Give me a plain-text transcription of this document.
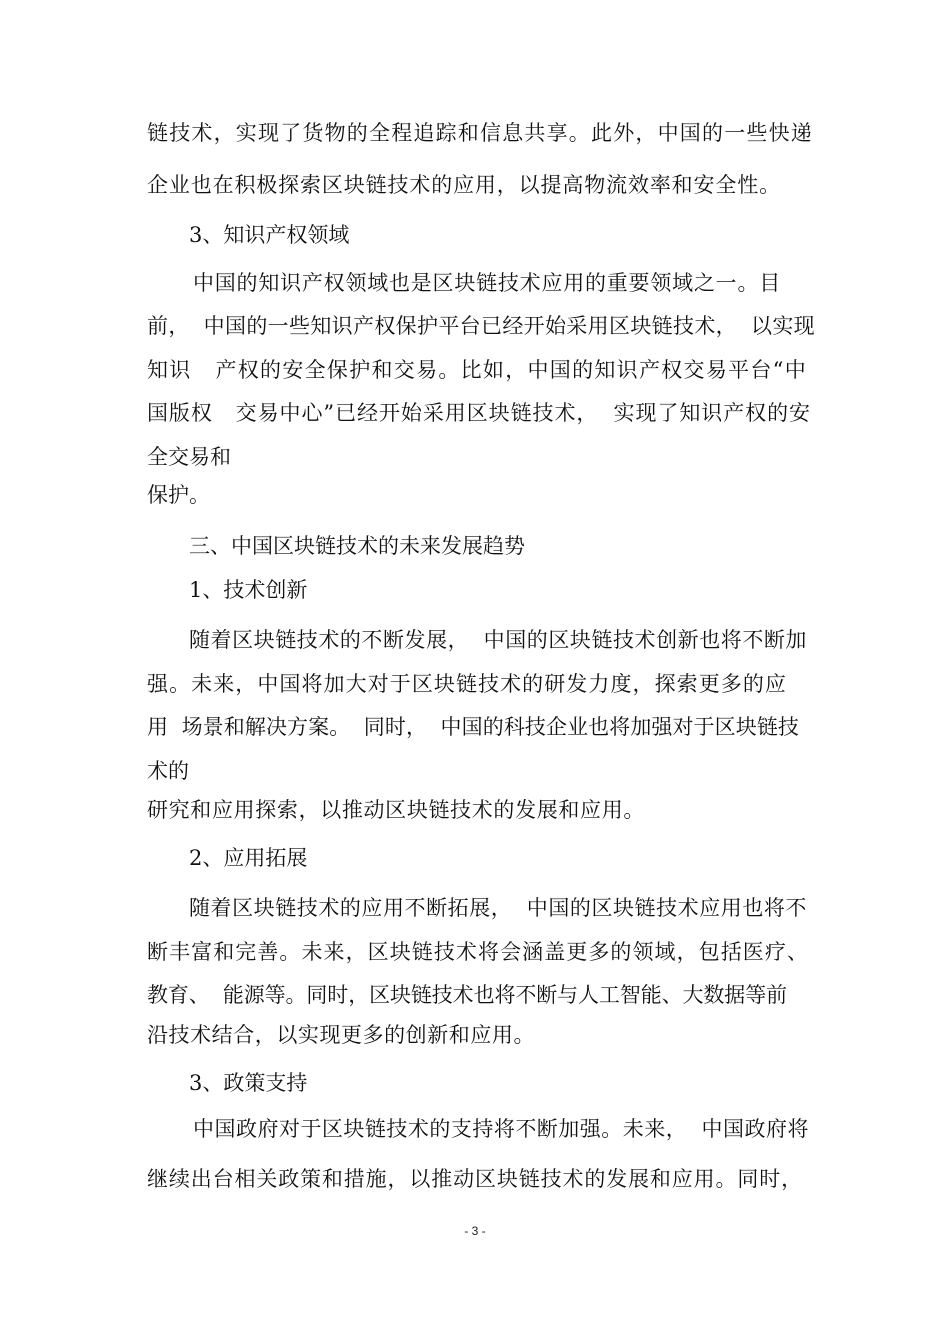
链技术，实现了货物的全程追踪和信息共享。此外，中国的一些快递
企业也在积极探索区块链技术的应用，以提高物流效率和安全性。
3、知识产权领域
中国的知识产权领域也是区块链技术应用的重要领域之一。目
前，  中国的一些知识产权保护平台已经开始采用区块链技术，  以实现
知识   产权的安全保护和交易。比如，中国的知识产权交易平台“中
国版权   交易中心”已经开始采用区块链技术，  实现了知识产权的安
全交易和
保护。
三、中国区块链技术的未来发展趋势
1、技术创新
随着区块链技术的不断发展，  中国的区块链技术创新也将不断加
强。未来，中国将加大对于区块链技术的研发力度，探索更多的应
用  场景和解决方案。  同时，  中国的科技企业也将加强对于区块链技
术的
研究和应用探索，以推动区块链技术的发展和应用。
2、应用拓展
随着区块链技术的应用不断拓展，  中国的区块链技术应用也将不
断丰富和完善。未来，区块链技术将会涵盖更多的领域，包括医疗、
教育、  能源等。同时，区块链技术也将不断与人工智能、大数据等前
沿技术结合，以实现更多的创新和应用。
3、政策支持
中国政府对于区块链技术的支持将不断加强。未来，  中国政府将
继续出台相关政策和措施，以推动区块链技术的发展和应用。同时，
- 3 -
